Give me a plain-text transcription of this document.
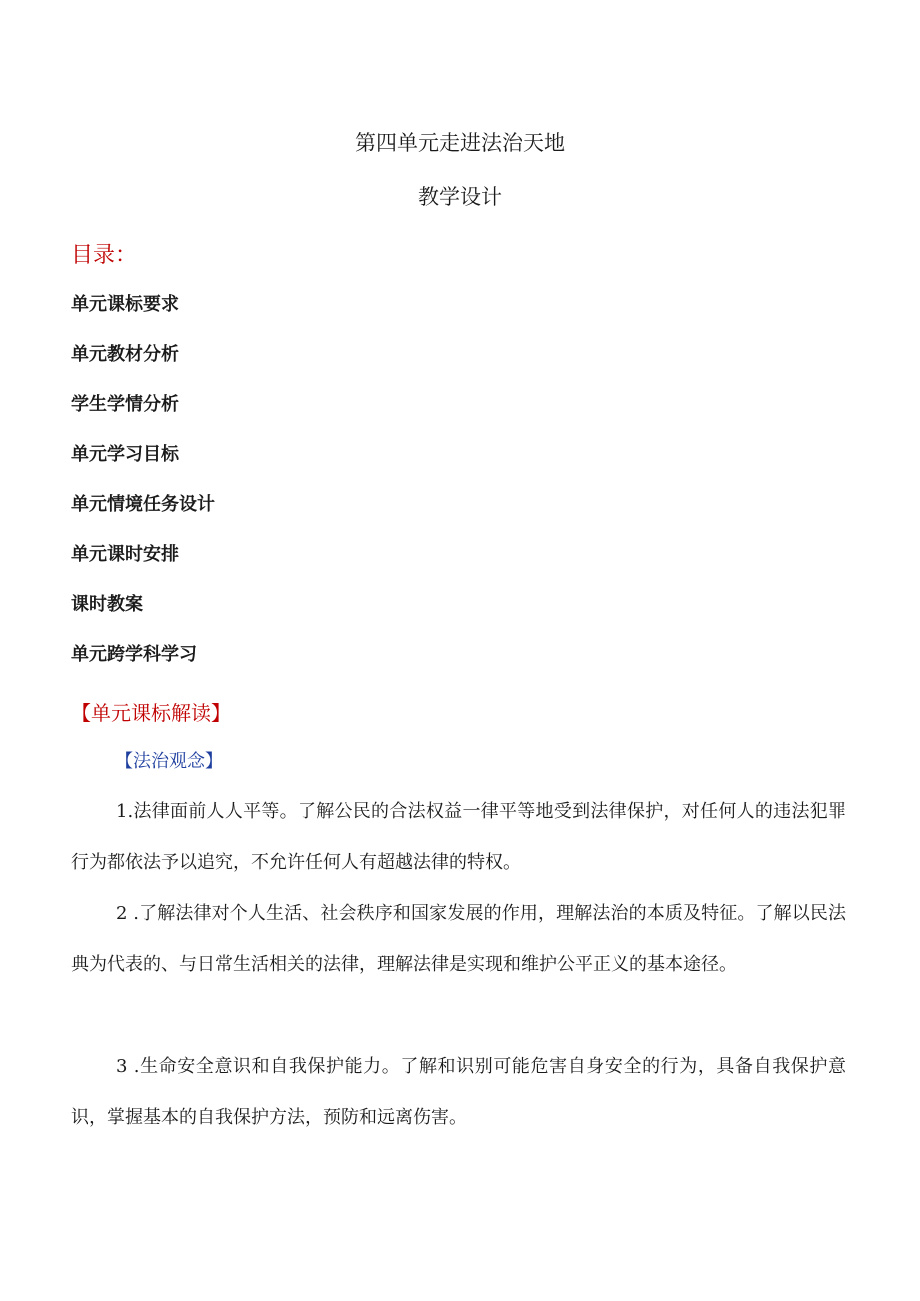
第四单元走进法治天地
教学设计
目录：
单元课标要求
单元教材分析
学生学情分析
单元学习目标
单元情境任务设计
单元课时安排
课时教案
单元跨学科学习
【单元课标解读】
【法治观念】

1.法律面前人人平等。了解公民的合法权益一律平等地受到法律保护，对任何人的违法犯罪行为都依法予以追究，不允许任何人有超越法律的特权。

2 .了解法律对个人生活、社会秩序和国家发展的作用，理解法治的本质及特征。了解以民法典为代表的、与日常生活相关的法律，理解法律是实现和维护公平正义的基本途径。

3 .生命安全意识和自我保护能力。了解和识别可能危害自身安全的行为，具备自我保护意识，掌握基本的自我保护方法，预防和远离伤害。
